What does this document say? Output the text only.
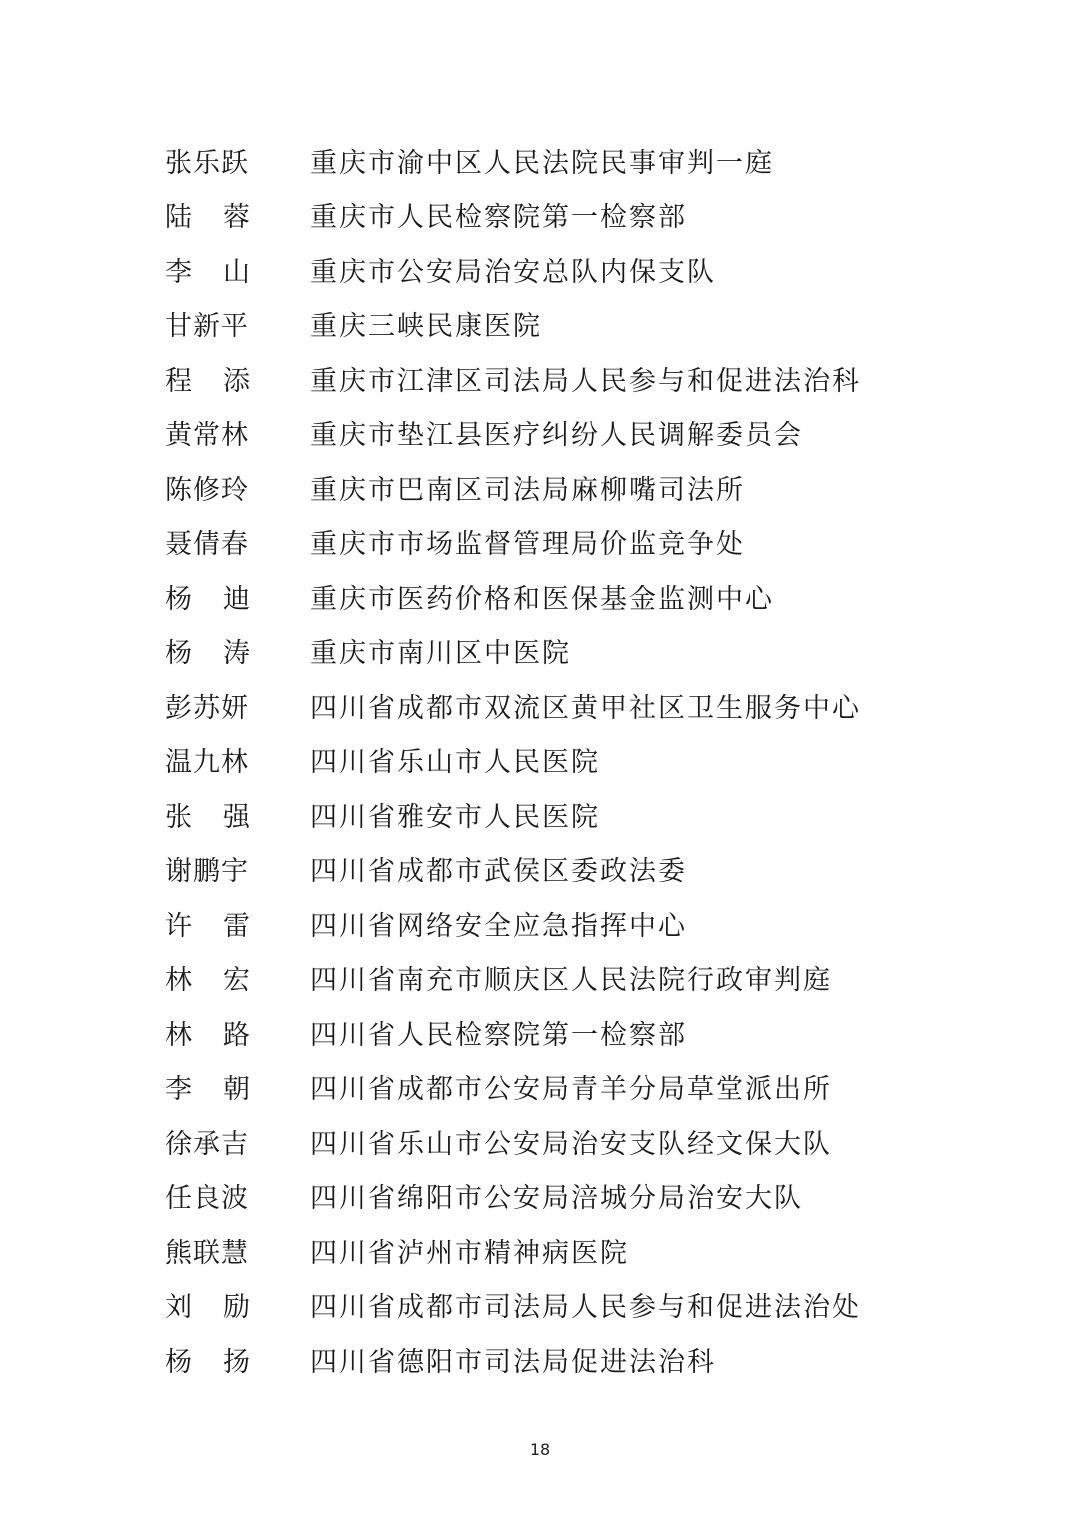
张乐跃	重庆市渝中区人民法院民事审判一庭
陆蓉	重庆市人民检察院第一检察部
李山	重庆市公安局治安总队内保支队
甘新平	重庆三峡民康医院
程添	重庆市江津区司法局人民参与和促进法治科
黄常林	重庆市垫江县医疗纠纷人民调解委员会
陈修玲	重庆市巴南区司法局麻柳嘴司法所
聂倩春	重庆市市场监督管理局价监竞争处
杨迪	重庆市医药价格和医保基金监测中心
杨涛	重庆市南川区中医院
彭苏妍	四川省成都市双流区黄甲社区卫生服务中心
温九林	四川省乐山市人民医院
张强	四川省雅安市人民医院
谢鹏宇	四川省成都市武侯区委政法委
许雷	四川省网络安全应急指挥中心
林宏	四川省南充市顺庆区人民法院行政审判庭
林路	四川省人民检察院第一检察部
李朝	四川省成都市公安局青羊分局草堂派出所
徐承吉	四川省乐山市公安局治安支队经文保大队
任良波	四川省绵阳市公安局涪城分局治安大队
熊联慧	四川省泸州市精神病医院
刘励	四川省成都市司法局人民参与和促进法治处
杨扬	四川省德阳市司法局促进法治科
18
